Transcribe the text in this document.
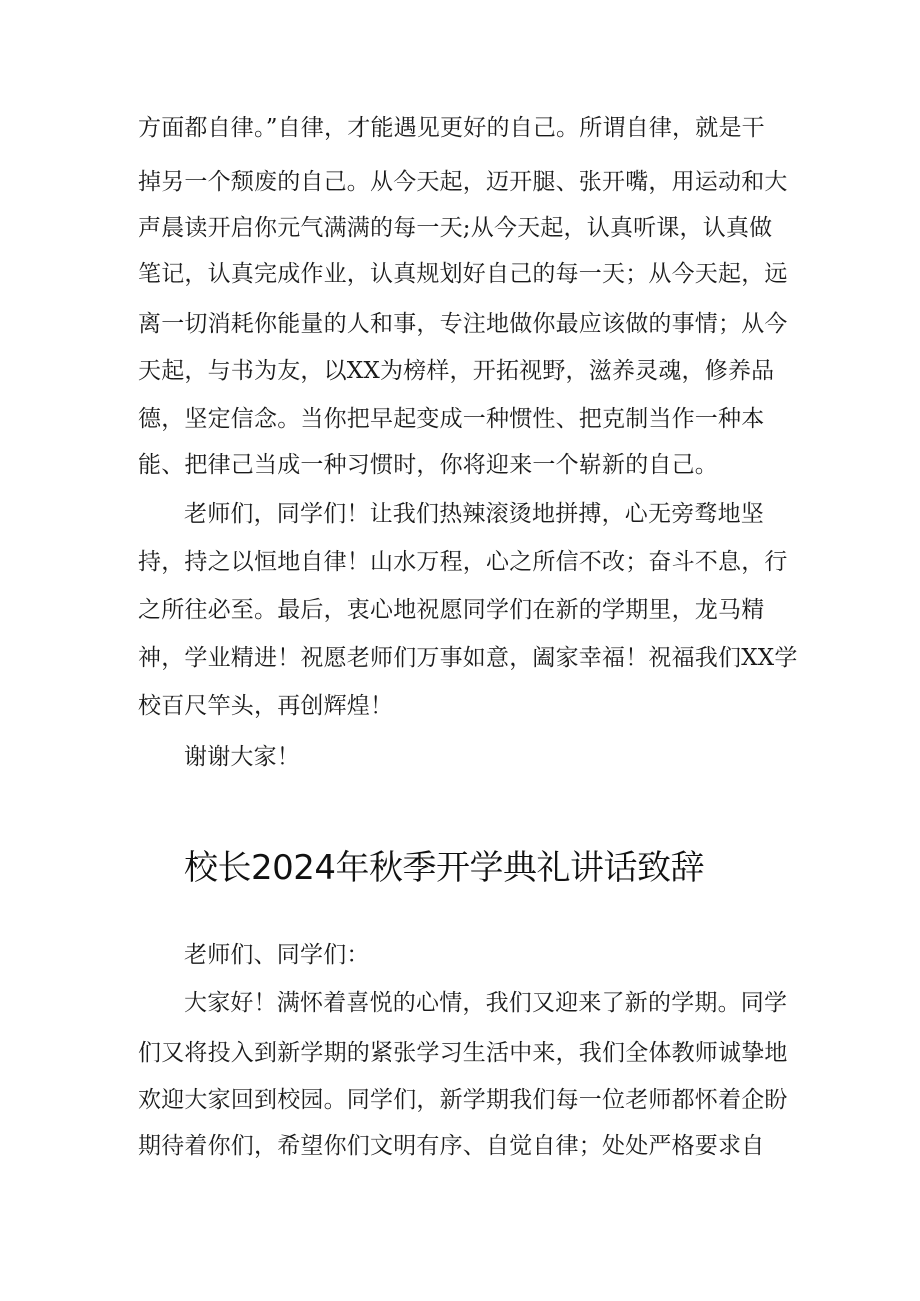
方面都自律。”自律，才能遇见更好的自己。所谓自律，就是干
掉另一个颓废的自己。从今天起，迈开腿、张开嘴，用运动和大
声晨读开启你元气满满的每一天;从今天起，认真听课，认真做
笔记，认真完成作业，认真规划好自己的每一天；从今天起，远
离一切消耗你能量的人和事，专注地做你最应该做的事情；从今
天起，与书为友，以XX为榜样，开拓视野，滋养灵魂，修养品
德，坚定信念。当你把早起变成一种惯性、把克制当作一种本
能、把律己当成一种习惯时，你将迎来一个崭新的自己。
老师们，同学们！让我们热辣滚烫地拼搏，心无旁骛地坚
持，持之以恒地自律！山水万程，心之所信不改；奋斗不息，行
之所往必至。最后，衷心地祝愿同学们在新的学期里，龙马精
神，学业精进！祝愿老师们万事如意，阖家幸福！祝福我们XX学
校百尺竿头，再创辉煌！
谢谢大家！
校长2024年秋季开学典礼讲话致辞
老师们、同学们：
大家好！满怀着喜悦的心情，我们又迎来了新的学期。同学
们又将投入到新学期的紧张学习生活中来，我们全体教师诚挚地
欢迎大家回到校园。同学们，新学期我们每一位老师都怀着企盼
期待着你们，希望你们文明有序、自觉自律；处处严格要求自
